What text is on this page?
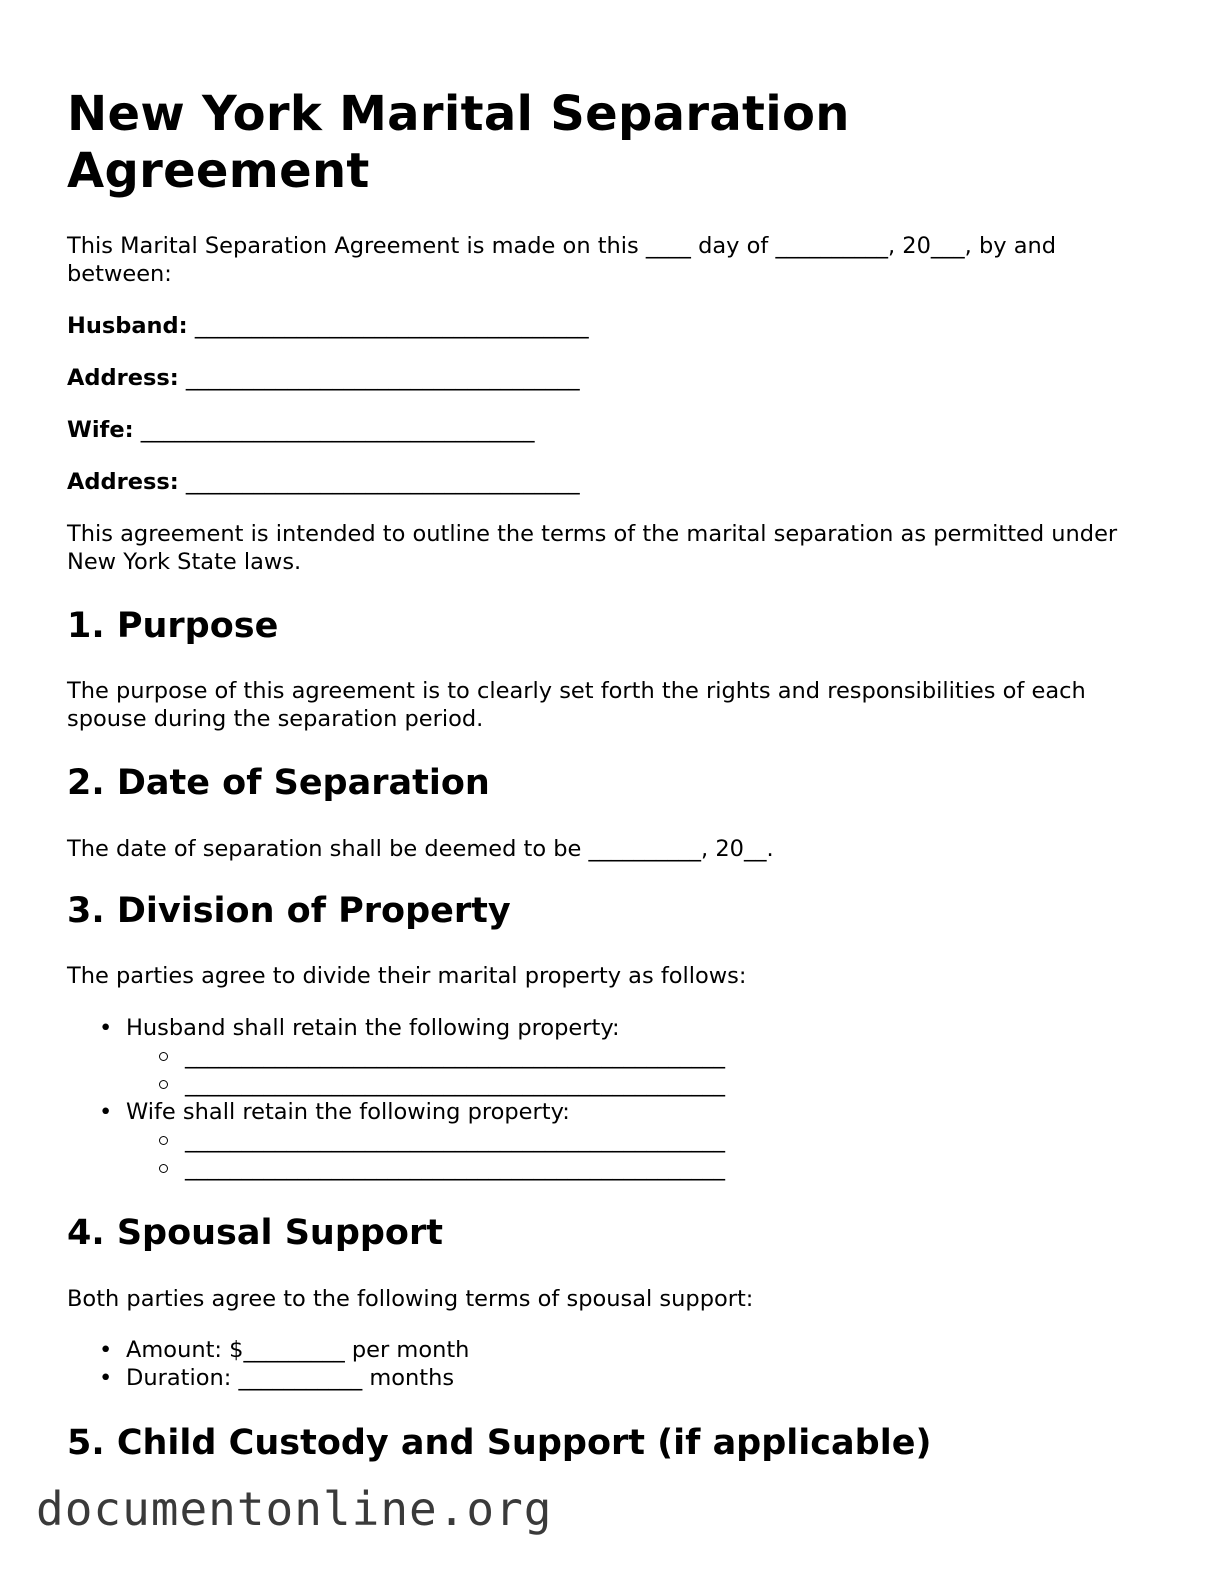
New York Marital Separation Agreement

This Marital Separation Agreement is made on this ____ day of __________, 20___, by and between:

Husband: ___________________________________

Address: ___________________________________

Wife: ___________________________________

Address: ___________________________________

This agreement is intended to outline the terms of the marital separation as permitted under New York State laws.

1. Purpose

The purpose of this agreement is to clearly set forth the rights and responsibilities of each spouse during the separation period.

2. Date of Separation

The date of separation shall be deemed to be __________, 20__.

3. Division of Property

The parties agree to divide their marital property as follows:

• Husband shall retain the following property:
________________________________________________
________________________________________________
• Wife shall retain the following property:
________________________________________________
________________________________________________
4. Spousal Support

Both parties agree to the following terms of spousal support:

• Amount: $_________ per month
• Duration: ___________ months
5. Child Custody and Support (if applicable)

documentonline.org
